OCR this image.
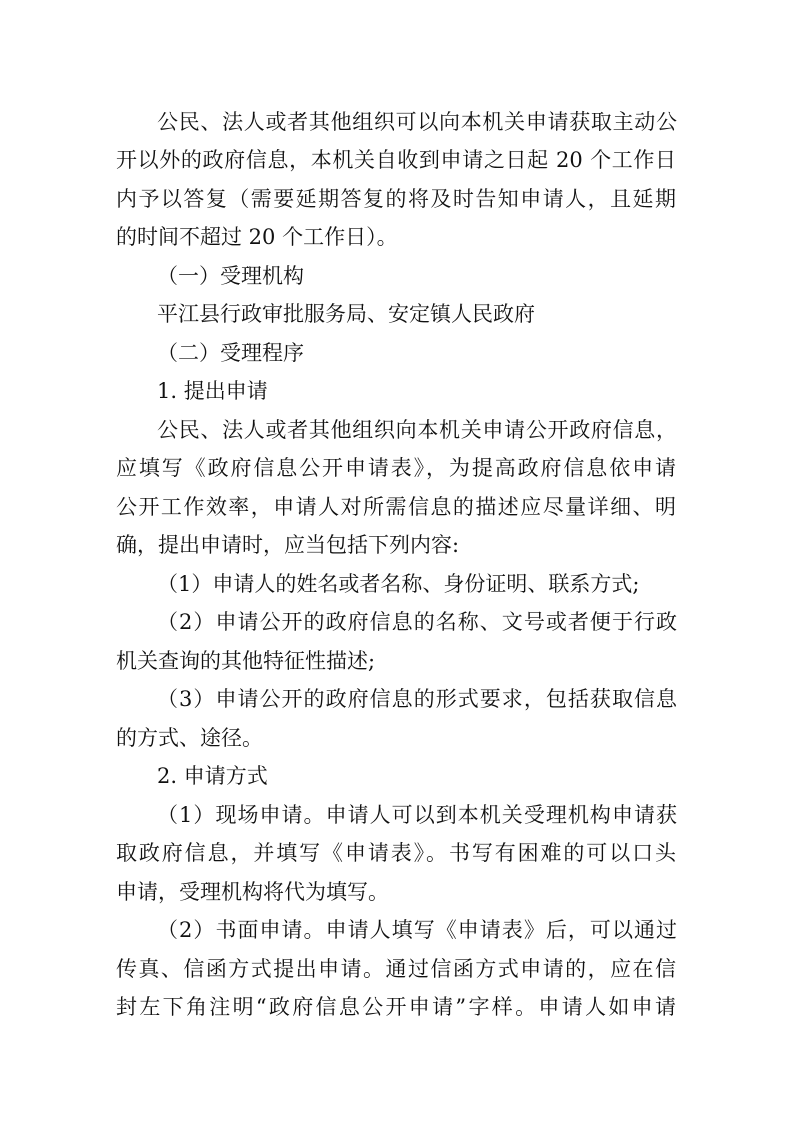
公民、法人或者其他组织可以向本机关申请获取主动公
开以外的政府信息，本机关自收到申请之日起 20 个工作日
内予以答复（需要延期答复的将及时告知申请人，且延期
的时间不超过 20 个工作日）。
（一）受理机构
平江县行政审批服务局、安定镇人民政府
（二）受理程序
1. 提出申请
公民、法人或者其他组织向本机关申请公开政府信息，
应填写《政府信息公开申请表》，为提高政府信息依申请
公开工作效率，申请人对所需信息的描述应尽量详细、明
确，提出申请时，应当包括下列内容:
（1）申请人的姓名或者名称、身份证明、联系方式;
（2）申请公开的政府信息的名称、文号或者便于行政
机关查询的其他特征性描述;
（3）申请公开的政府信息的形式要求，包括获取信息
的方式、途径。
2. 申请方式
（1）现场申请。申请人可以到本机关受理机构申请获
取政府信息，并填写《申请表》。书写有困难的可以口头
申请，受理机构将代为填写。
（2）书面申请。申请人填写《申请表》后，可以通过
传真、信函方式提出申请。通过信函方式申请的，应在信
封左下角注明“政府信息公开申请”字样。申请人如申请
